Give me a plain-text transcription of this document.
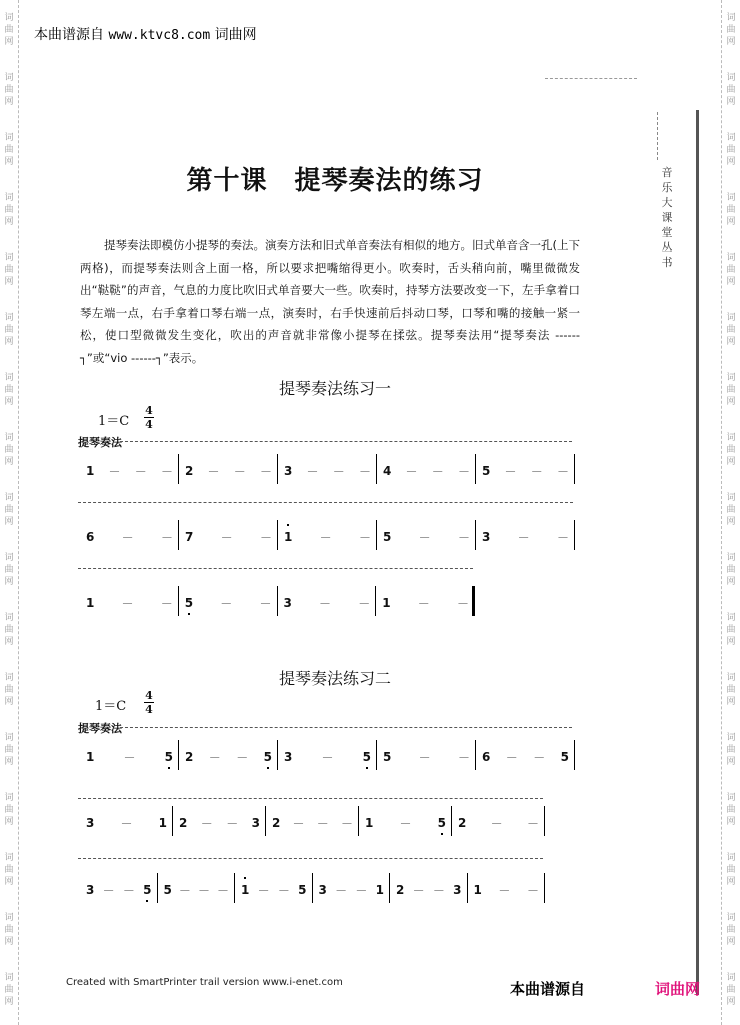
词
曲
网
词
曲
网
词
曲
网
词
曲
网
词
曲
网
词
曲
网
词
曲
网
词
曲
网
词
曲
网
词
曲
网
词
曲
网
词
曲
网
词
曲
网
词
曲
网
词
曲
网
词
曲
网
词
曲
网
词
曲
网
词
曲
网
词
曲
网
词
曲
网
词
曲
网
词
曲
网
词
曲
网
词
曲
网
词
曲
网
词
曲
网
词
曲
网
词
曲
网
词
曲
网
词
曲
网
词
曲
网
词
曲
网
词
曲
网
本曲谱源自 www.ktvc8.com 词曲网
音乐大课堂丛书
第十课　提琴奏法的练习
提琴奏法即模仿小提琴的奏法。演奏方法和旧式单音奏法有相似的地方。旧式单音含一孔(上下两格)，而提琴奏法则含上面一格，所以要求把嘴缩得更小。吹奏时，舌头稍向前，嘴里微微发出“鞑鞑”的声音，气息的力度比吹旧式单音要大一些。吹奏时，持琴方法要改变一下，左手拿着口琴左端一点，右手拿着口琴右端一点，演奏时，右手快速前后抖动口琴，口琴和嘴的接触一紧一松，使口型微微发生变化，吹出的声音就非常像小提琴在揉弦。提琴奏法用“提琴奏法 ------┐”或“vio ------┐”表示。
提琴奏法练习一
1＝C
4
4
提琴奏法
1 － － － 2 － － － 3 － － － 4 － － － 5 － － －
6 － － 7 － － 1 － － 5 － － 3 － －
1 － － 5 － － 3 － － 1 － －
提琴奏法练习二
1＝C
4
4
提琴奏法
1 － 5 2 － － 5 3 － 5 5 － － 6 － － 5
3 － 1 2 － － 3 2 － － － 1 － 5 2 － －
3 － － 5 5 － － － 1 － － 5 3 － － 1 2 － － 3 1 － －
Created with SmartPrinter trail version www.i-enet.com	本曲谱源自	词曲网
